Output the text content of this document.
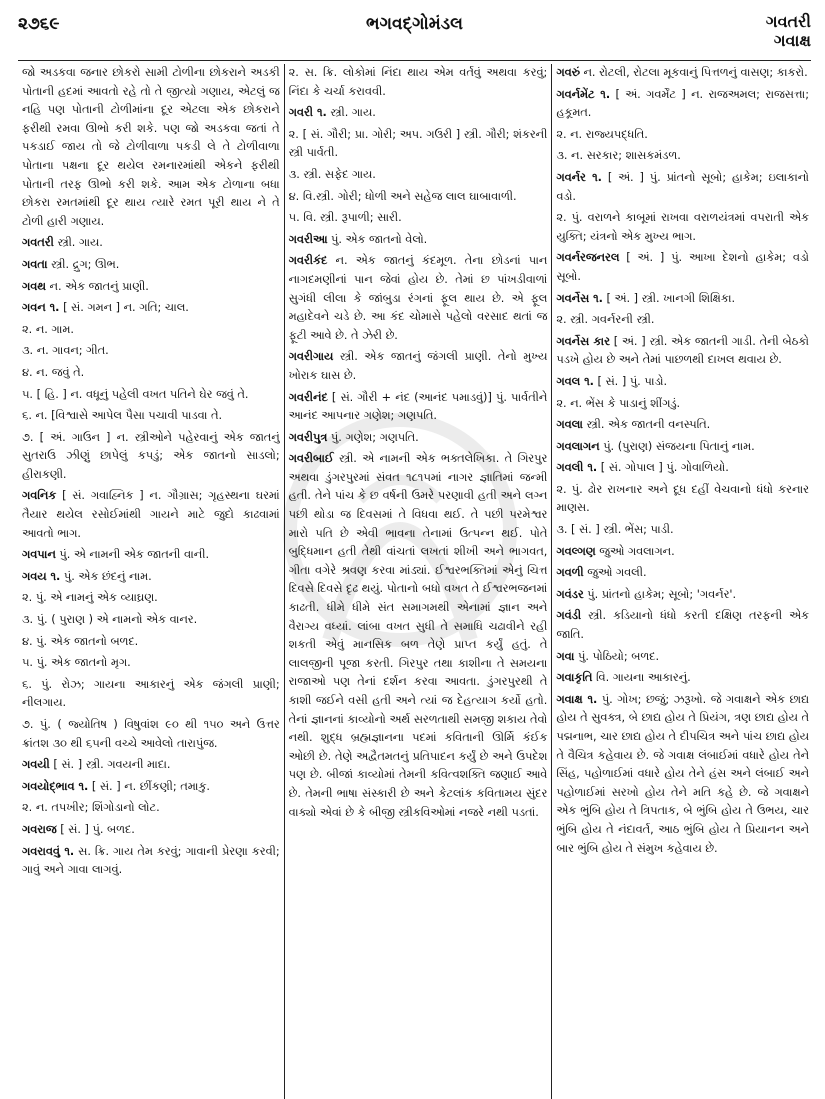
૨૭૬૯	ભગવદ્ગોમંડલ	ગવતરી
ગવાક્ષ
જો અડકવા જનાર છોકરો સામી ટોળીના છોકરાને અડકી પોતાની હદમાં આવતો રહે તો તે જીત્યો ગણાય, એટલું જ નહિ પણ પોતાની ટોળીમાંના દૂર એટલા એક છોકરાને ફરીથી રમવા ઊભો કરી શકે. પણ જો અડકવા જતાં તે પકડાઈ જાય તો જે ટોળીવાળા પકડી લે તે ટોળીવાળા પોતાના પક્ષના દૂર થયેલ રમનારમાંથી એકને ફરીથી પોતાની તરફ ઊભો કરી શકે. આમ એક ટોળાના બધા છોકરા રમતમાંથી દૂર થાય ત્યારે રમત પૂરી થાય ને તે ટોળી હારી ગણાય.
ગવતરી સ્ત્રી. ગાય.
ગવતા સ્ત્રી. દ્રુગ; ઊભ.
ગવથ ન. એક જાતનું પ્રાણી.
ગવન ૧. [ સં. ગમન ] ન. ગતિ; ચાલ.
૨. ન. ગામ.
૩. ન. ગાવન; ગીત.
૪. ન. જવું તે.
૫. [ હિ. ] ન. વધૂનું પહેલી વખત પતિને ઘેર જવું તે.
૬. ન. [વિશ્વાસે આપેલ પૈસા પચાવી પાડવા તે.
૭. [ અં. ગાઉન ] ન. સ્ત્રીઓને પહેરવાનું એક જાતનું સુતરાઉ ઝીણું છાપેલું કપડું; એક જાતનો સાડલો; હીરાકણી.
ગવનિક [ સં. ગવાહ્નિક ] ન. ગૌગ્રાસ; ગૃહસ્થના ઘરમાં તૈયાર થયેલ રસોઈમાંથી ગાયને માટે જુદો કાઢવામાં આવતો ભાગ.
ગવપાન પું. એ નામની એક જાતની વાની.
ગવય ૧. પું. એક છંદનું નામ.
૨. પું. એ નામનું એક વ્યાઘ્રણ.
૩. પું. ( પુરાણ ) એ નામનો એક વાનર.
૪. પું. એક જાતનો બળદ.
૫. પું. એક જાતનો મૃગ.
૬. પું. રોઝ; ગાયના આકારનું એક જંગલી પ્રાણી; નીલગાય.
૭. પું. ( જ્યોતિષ ) વિષુવાંશ ૯૦ થી ૧૫૦ અને ઉત્તર ક્રાંતશ ૩૦ થી ૬૫ની વચ્ચે આવેલો તારાપુંજ.
ગવયી [ સં. ] સ્ત્રી. ગવયની માદા.
ગવયોદ્ભાવ ૧. [ સં. ] ન. છીંકણી; તમાકુ.
૨. ન. તપખીર; શિંગોડાનો લોટ.
ગવરાજ [ સં. ] પું. બળદ.
ગવરાવવું ૧. સ. ક્રિ. ગાય તેમ કરવું; ગાવાની પ્રેરણા કરવી; ગાવું અને ગાવા લાગવું.
૨. સ. ક્રિ. લોકોમાં નિંદા થાય એમ વર્તવું અથવા કરવું; નિંદા કે ચર્ચા કરાવવી.
ગવરી ૧. સ્ત્રી. ગાય.
૨. [ સં. ગૌરી; પ્રા. ગોરી; અપ. ગઉરી ] સ્ત્રી. ગૌરી; શંકરની સ્ત્રી પાર્વતી.
૩. સ્ત્રી. સફેદ ગાય.
૪. વિ.સ્ત્રી. ગોરી; ધોળી અને સહેજ લાલ ઘાબાવાળી.
૫. વિ. સ્ત્રી. રૂપાળી; સારી.
ગવરીઆ પું. એક જાતનો વેલો.
ગવરીકંદ ન. એક જાતનું કંદમૂળ. તેના છોડનાં પાન નાગદમણીનાં પાન જેવાં હોય છે. તેમાં છ પાંખડીવાળાં સુગંધી લીલા કે જાંબુડા રંગનાં ફૂલ થાય છે. એ ફૂલ મહાદેવને ચડે છે. આ કંદ ચોમાસે પહેલો વરસાદ થતાં જ ફૂટી આવે છે. તે ઝેરી છે.
ગવરીગાય સ્ત્રી. એક જાતનું જંગલી પ્રાણી. તેનો મુખ્ય ખોરાક ઘાસ છે.
ગવરીનંદ [ સં. ગૌરી + નંદ (આનંદ પમાડવું)] પું. પાર્વતીને આનંદ આપનાર ગણેશ; ગણપતિ.
ગવરીપુત્ર પું. ગણેશ; ગણપતિ.
ગવરીબાઈ સ્ત્રી. એ નામની એક ભક્તલેખિકા. તે ગિરપુર અથવા ડુંગરપુરમાં સંવત ૧૮૧૫માં નાગર જ્ઞાતિમાં જન્મી હતી. તેને પાંચ કે છ વર્ષની ઉમરે પરણાવી હતી અને લગ્ન પછી થોડા જ દિવસમાં તે વિધવા થઈ. તે પછી પરમેશ્વર મારો પતિ છે એવી ભાવના તેનામાં ઉત્પન્ન થઈ. પોતે બુદ્ધિમાન હતી તેથી વાંચતાં લખતાં શીખી અને ભાગવત, ગીતા વગેરે શ્રવણ કરવા માંડ્યાં. ઈશ્વરભક્તિમાં એનું ચિત્ત દિવસે દિવસે દૃઢ થયું. પોતાનો બધો વખત તે ઈશ્વરભજનમાં કાઢતી. ધીમે ધીમે સંત સમાગમથી એનામાં જ્ઞાન અને વૈરાગ્ય વધ્યાં. લાંબા વખત સુધી તે સમાધિ ચઢાવીને રહી શકતી એવું માનસિક બળ તેણે પ્રાપ્ત કર્યું હતું. તે લાલજીની પૂજા કરતી. ગિરપુર તથા કાશીના તે સમયના રાજાઓ પણ તેનાં દર્શન કરવા આવતા. ડુંગરપુરથી તે કાશી જઈને વસી હતી અને ત્યાં જ દેહત્યાગ કર્યો હતો. તેનાં જ્ઞાનનાં કાવ્યોનો અર્થ સરળતાથી સમજી શકાય તેવો નથી. શુદ્ધ બ્રહ્મજ્ઞાનના પદમાં કવિતાની ઊર્મિ કંઈક ઓછી છે. તેણે અદ્વૈતમતનું પ્રતિપાદન કર્યું છે અને ઉપદેશ પણ છે. બીજાં કાવ્યોમાં તેમની કવિત્વશક્તિ જણાઈ આવે છે. તેમની ભાષા સંસ્કારી છે અને કેટલાંક કવિતામય સુંદર વાક્યો એવાં છે કે બીજી સ્ત્રીકવિઓમાં નજરે નથી પડતાં.
ગવરું ન. રોટલી, રોટલા મૂકવાનું પિત્તળનું વાસણ; કાકરો.
ગવર્નમેંટ ૧. [ અં. ગવર્મેંટ ] ન. રાજઅમલ; રાજસત્તા; હકૂમત.
૨. ન. રાજ્યપદ્ધતિ.
૩. ન. સરકાર; શાસકમંડળ.
ગવર્નર ૧. [ અં. ] પું. પ્રાંતનો સૂબો; હાકેમ; ઇલાકાનો વડો.
૨. પું. વરાળને કાબૂમાં રાખવા વરાળયંત્રમાં વપરાતી એક યુક્તિ; યંત્રનો એક મુખ્ય ભાગ.
ગવર્નરજનરલ [ અં. ] પું. આખા દેશનો હાકેમ; વડો સૂબો.
ગવર્નેસ ૧. [ અં. ] સ્ત્રી. ખાનગી શિક્ષિકા.
૨. સ્ત્રી. ગવર્નરની સ્ત્રી.
ગવર્નેસ કાર [ અં. ] સ્ત્રી. એક જાતની ગાડી. તેની બેઠકો પડખે હોય છે અને તેમાં પાછળથી દાખલ થવાય છે.
ગવલ ૧. [ સં. ] પું. પાડો.
૨. ન. ભેંસ કે પાડાનું શીંગડું.
ગવલા સ્ત્રી. એક જાતની વનસ્પતિ.
ગવલાગન પું. (પુરાણ) સંજયના પિતાનું નામ.
ગવલી ૧. [ સં. ગોપાલ ] પું. ગોવાળિયો.
૨. પું. ઢોર રાખનાર અને દૂધ દહીં વેચવાનો ધંધો કરનાર માણસ.
૩. [ સં. ] સ્ત્રી. ભેંસ; પાડી.
ગવલ્ગણ જુઓ ગવલાગન.
ગવળી જુઓ ગવલી.
ગવંડર પું. પ્રાંતનો હાકેમ; સૂબો; 'ગવર્નર'.
ગવંડી સ્ત્રી. કડિયાનો ધંધો કરતી દક્ષિણ તરફની એક જાતિ.
ગવા પું. પોઠિયો; બળદ.
ગવાકૃતિ વિ. ગાયના આકારનું.
ગવાક્ષ ૧. પું. ગોખ; છજું; ઝરૂખો. જે ગવાક્ષને એક છાદ્ય હોય તે સુવક્ત્ર, બે છાદ્ય હોય તે પ્રિયંગ, ત્રણ છાદ્ય હોય તે પદ્મનાભ, ચાર છાદ્ય હોય તે દીપચિત્ર અને પાંચ છાદ્ય હોય તે વૈચિત્ર કહેવાય છે. જે ગવાક્ષ લંબાઈમાં વધારે હોય તેને સિંહ, પહોળાઈમાં વધારે હોય તેને હંસ અને લંબાઈ અને પહોળાઈમાં સરખો હોય તેને મતિ કહે છે. જે ગવાક્ષને એક ભુંબિ હોય તે ત્રિપતાક, બે ભુંબિ હોય તે ઉભય, ચાર ભુંબિ હોય તે નંદાવર્ત, આઠ ભુંબિ હોય તે પ્રિયાનન અને બાર ભુંબિ હોય તે સંમુખ કહેવાય છે.
